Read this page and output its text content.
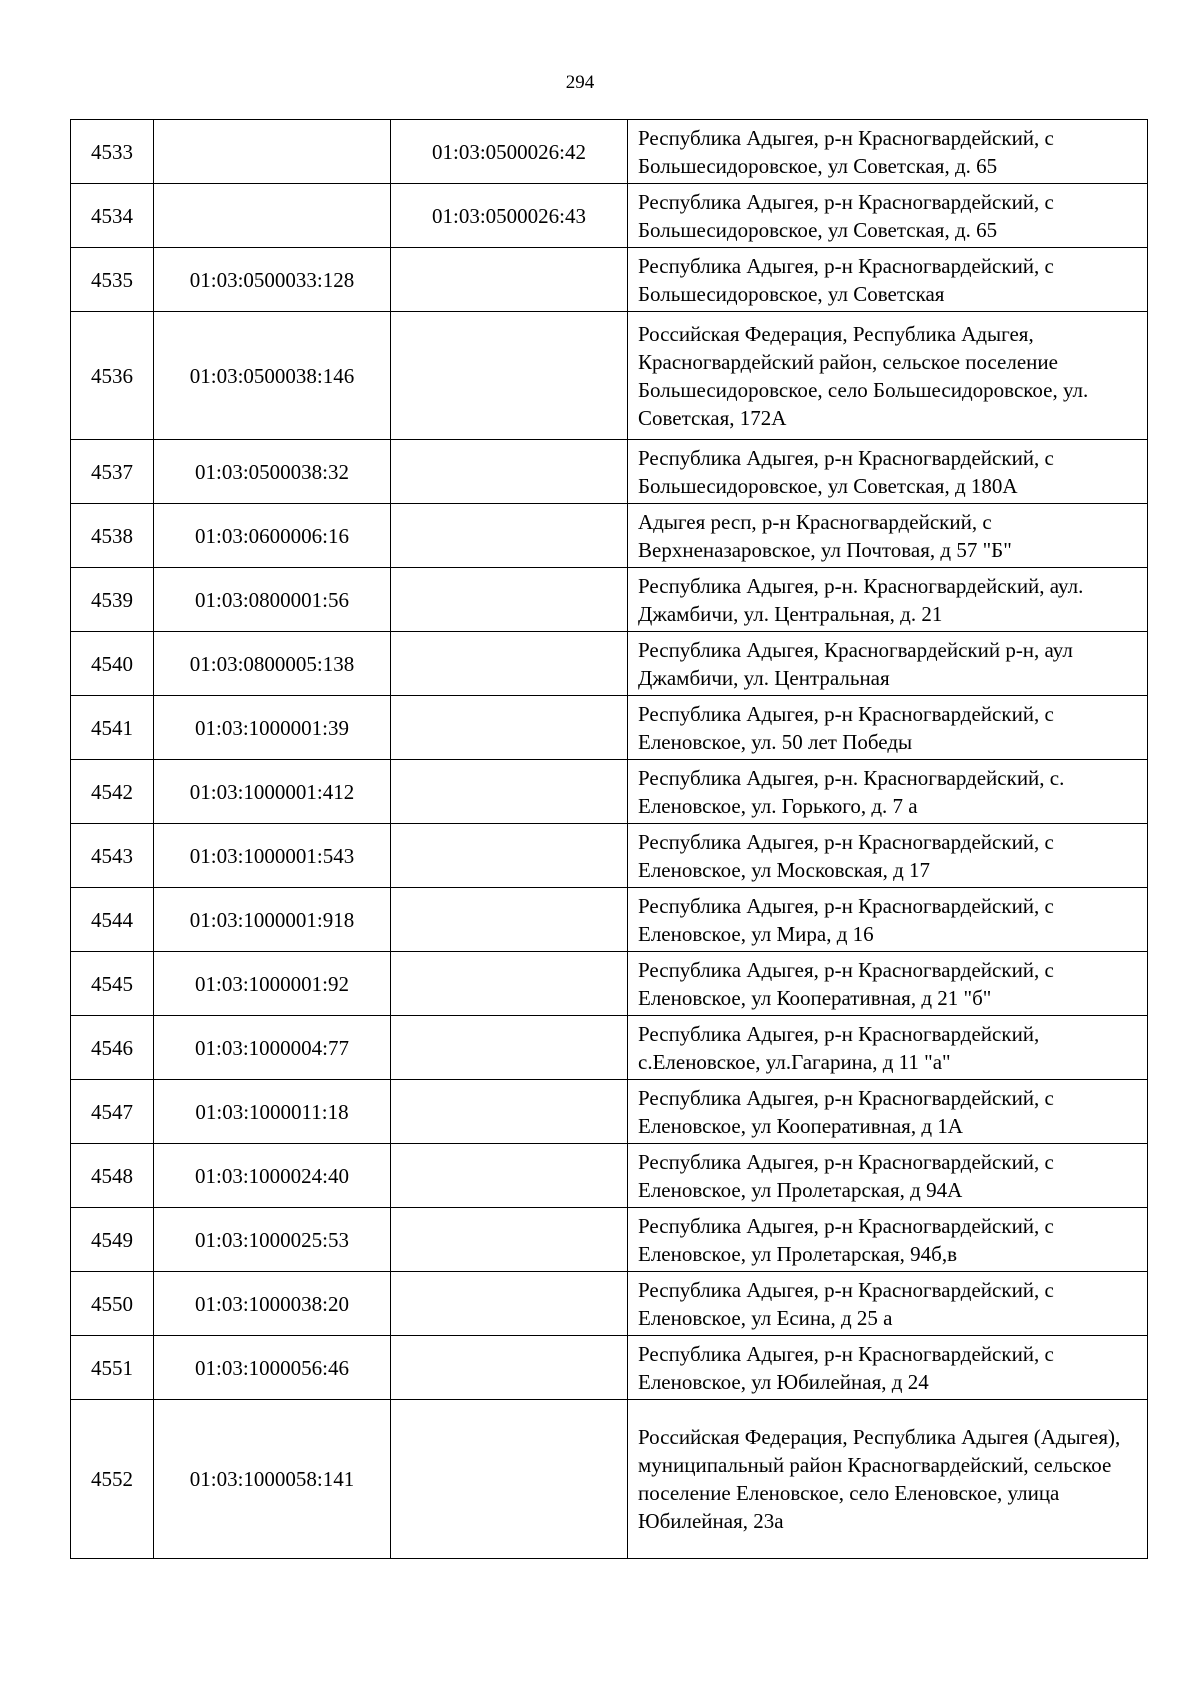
294
4533		01:03:0500026:42	Республика Адыгея, р-н Красногвардейский, с Большесидоровское, ул Советская, д. 65
4534		01:03:0500026:43	Республика Адыгея, р-н Красногвардейский, с Большесидоровское, ул Советская, д. 65
4535	01:03:0500033:128		Республика Адыгея, р-н Красногвардейский, с Большесидоровское, ул Советская
4536	01:03:0500038:146		Российская Федерация, Республика Адыгея, Красногвардейский район, сельское поселение Большесидоровское, село Большесидоровское, ул. Советская, 172А
4537	01:03:0500038:32		Республика Адыгея, р-н Красногвардейский, с Большесидоровское, ул Советская, д 180А
4538	01:03:0600006:16		Адыгея респ, р-н Красногвардейский, с Верхненазаровское, ул Почтовая, д 57 "Б"
4539	01:03:0800001:56		Республика Адыгея, р-н. Красногвардейский, аул. Джамбичи, ул. Центральная, д. 21
4540	01:03:0800005:138		Республика Адыгея, Красногвардейский р-н, аул Джамбичи, ул. Центральная
4541	01:03:1000001:39		Республика Адыгея, р-н Красногвардейский, с Еленовское, ул. 50 лет Победы
4542	01:03:1000001:412		Республика Адыгея, р-н. Красногвардейский, с. Еленовское, ул. Горького, д. 7 а
4543	01:03:1000001:543		Республика Адыгея, р-н Красногвардейский, с Еленовское, ул Московская, д 17
4544	01:03:1000001:918		Республика Адыгея, р-н Красногвардейский, с Еленовское, ул Мира, д 16
4545	01:03:1000001:92		Республика Адыгея, р-н Красногвардейский, с Еленовское, ул Кооперативная, д 21 "б"
4546	01:03:1000004:77		Республика Адыгея, р-н Красногвардейский, с.Еленовское, ул.Гагарина, д 11 "а"
4547	01:03:1000011:18		Республика Адыгея, р-н Красногвардейский, с Еленовское, ул Кооперативная, д 1А
4548	01:03:1000024:40		Республика Адыгея, р-н Красногвардейский, с Еленовское, ул Пролетарская, д 94А
4549	01:03:1000025:53		Республика Адыгея, р-н Красногвардейский, с Еленовское, ул Пролетарская, 94б,в
4550	01:03:1000038:20		Республика Адыгея, р-н Красногвардейский, с Еленовское, ул Есина, д 25 а
4551	01:03:1000056:46		Республика Адыгея, р-н Красногвардейский, с Еленовское, ул Юбилейная, д 24
4552	01:03:1000058:141		Российская Федерация, Республика Адыгея (Адыгея), муниципальный район Красногвардейский, сельское поселение Еленовское, село Еленовское, улица Юбилейная, 23а
